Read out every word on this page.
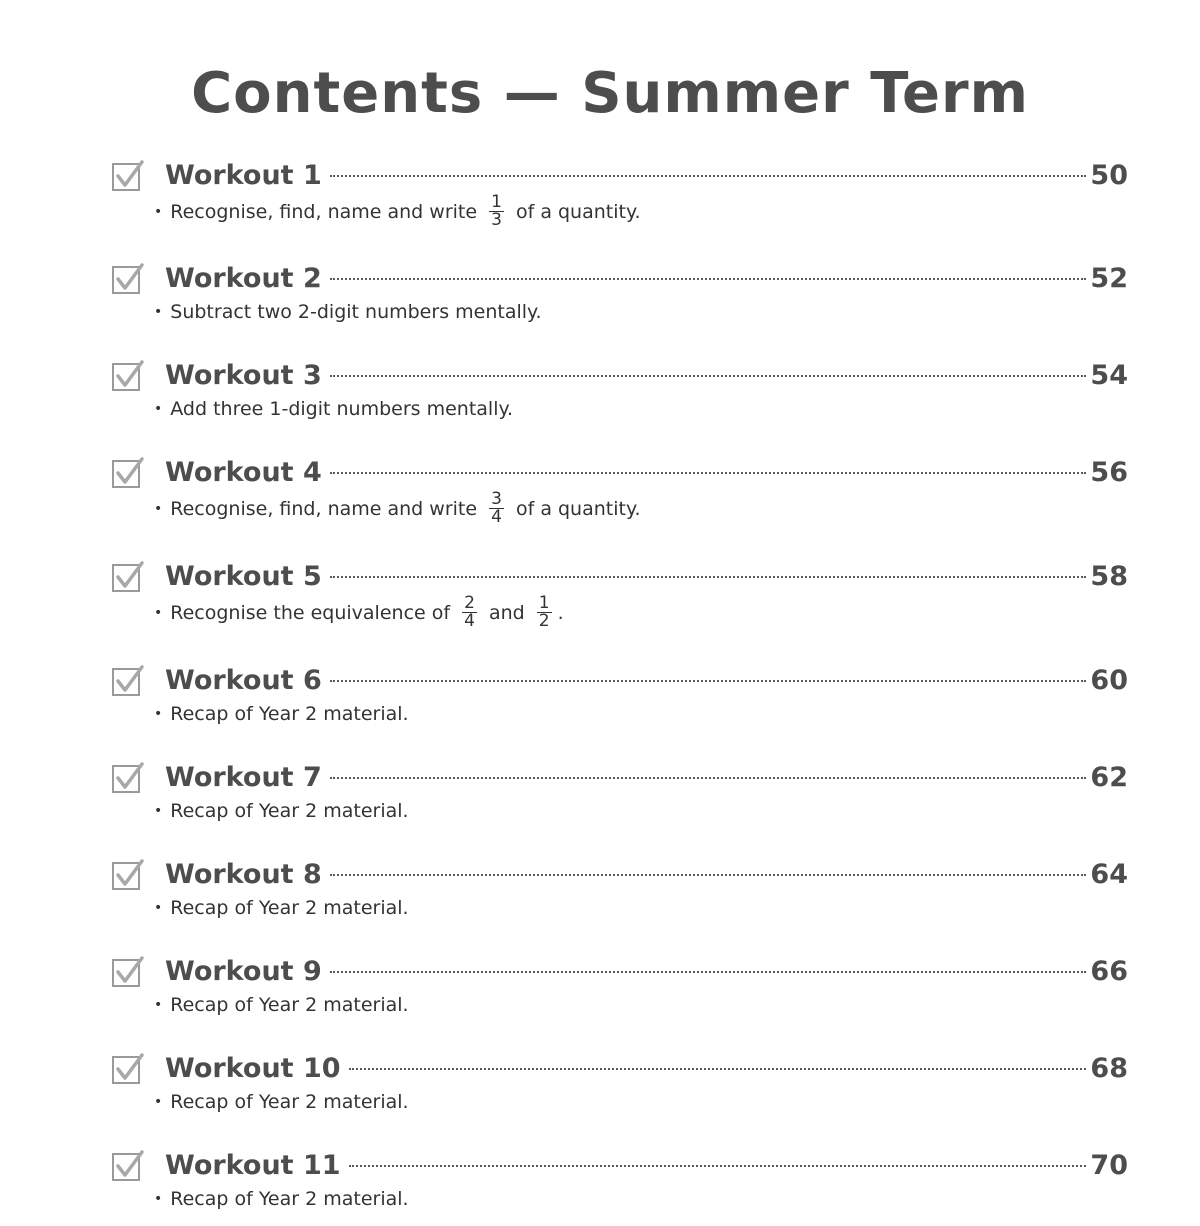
Contents — Summer Term
Workout 1	50
• Recognise, find, name and write $\frac{1}{3}$ of a quantity.
Workout 2	52
• Subtract two 2-digit numbers mentally.
Workout 3	54
• Add three 1-digit numbers mentally.
Workout 4	56
• Recognise, find, name and write $\frac{3}{4}$ of a quantity.
Workout 5	58
• Recognise the equivalence of $\frac{2}{4}$ and $\frac{1}{2}$ .
Workout 6	60
• Recap of Year 2 material.
Workout 7	62
• Recap of Year 2 material.
Workout 8	64
• Recap of Year 2 material.
Workout 9	66
• Recap of Year 2 material.
Workout 10	68
• Recap of Year 2 material.
Workout 11	70
• Recap of Year 2 material.
